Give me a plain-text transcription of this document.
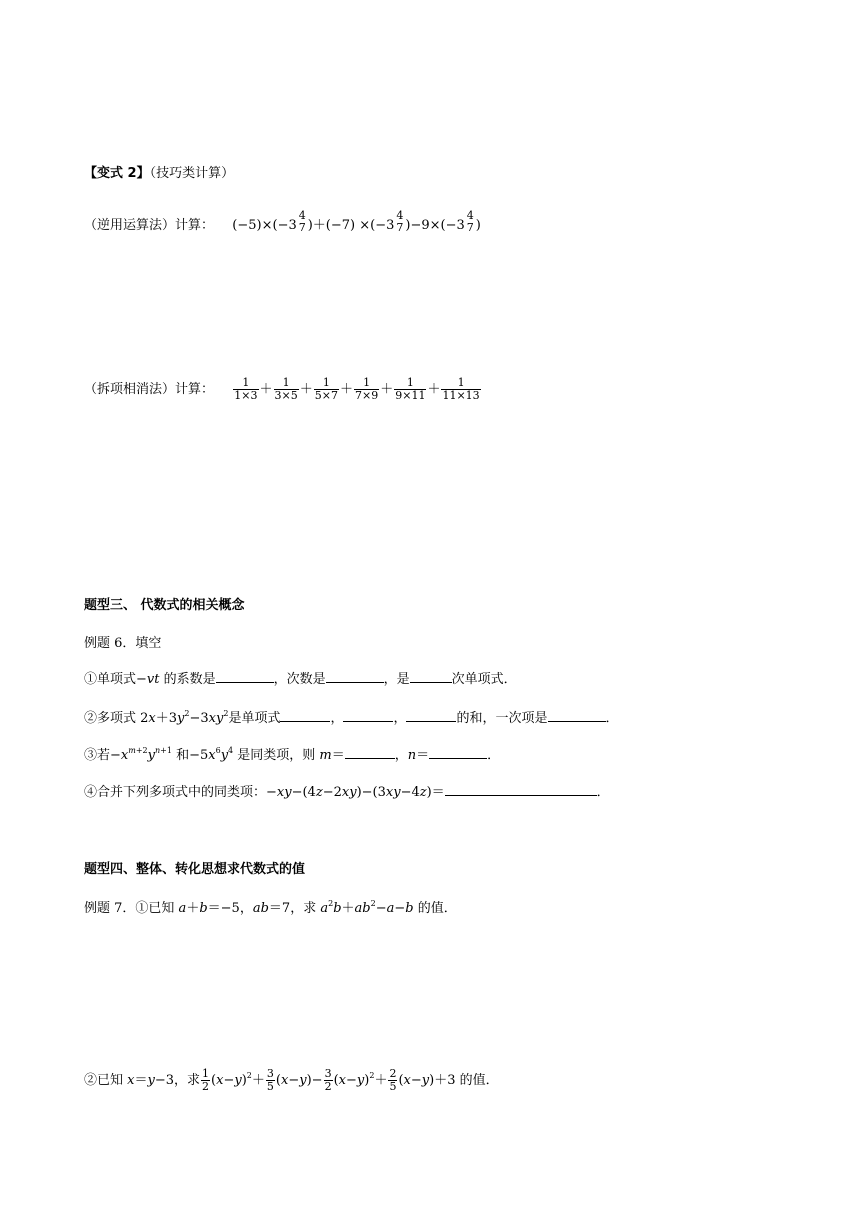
【变式 2】（技巧类计算）
（逆用运算法）计算： (−5)×(−3
4
7 )＋(−7) ×(−3
4
7 )−9×(−3
4
7 )
（拆项相消法）计算： $\frac{1}{1\times 3} + \frac{1}{3\times 5} + \frac{1}{5\times 7} + \frac{1}{7\times 9} + \frac{1}{9\times 11} + \frac{1}{11\times 13}$
题型三、 代数式的相关概念
例题 6．填空
①单项式−vt 的系数是	，次数是	，是	次单项式．
②多项式 $2x+3y^2-3xy^2$是单项式	，	，	的和，一次项是	．
③若$-x^{m+2}y^{n+1}$ 和$-5x^6y^4$ 是同类项，则 m＝	，n＝	．
④合并下列多项式中的同类项：−xy−(4z−2xy)−(3xy−4z)＝	．
题型四、整体、转化思想求代数式的值
例题 7．①已知 a＋b＝−5，ab＝7，求 $a^2b+ab^2-a-b$ 的值．
②已知 x＝y−3，求 $\frac{1}{2} (x-y)^2+ \frac{3}{5} (x-y)- \frac{3}{2} (x-y)^2+ \frac{2}{5} (x-y)+3$ 的值．
